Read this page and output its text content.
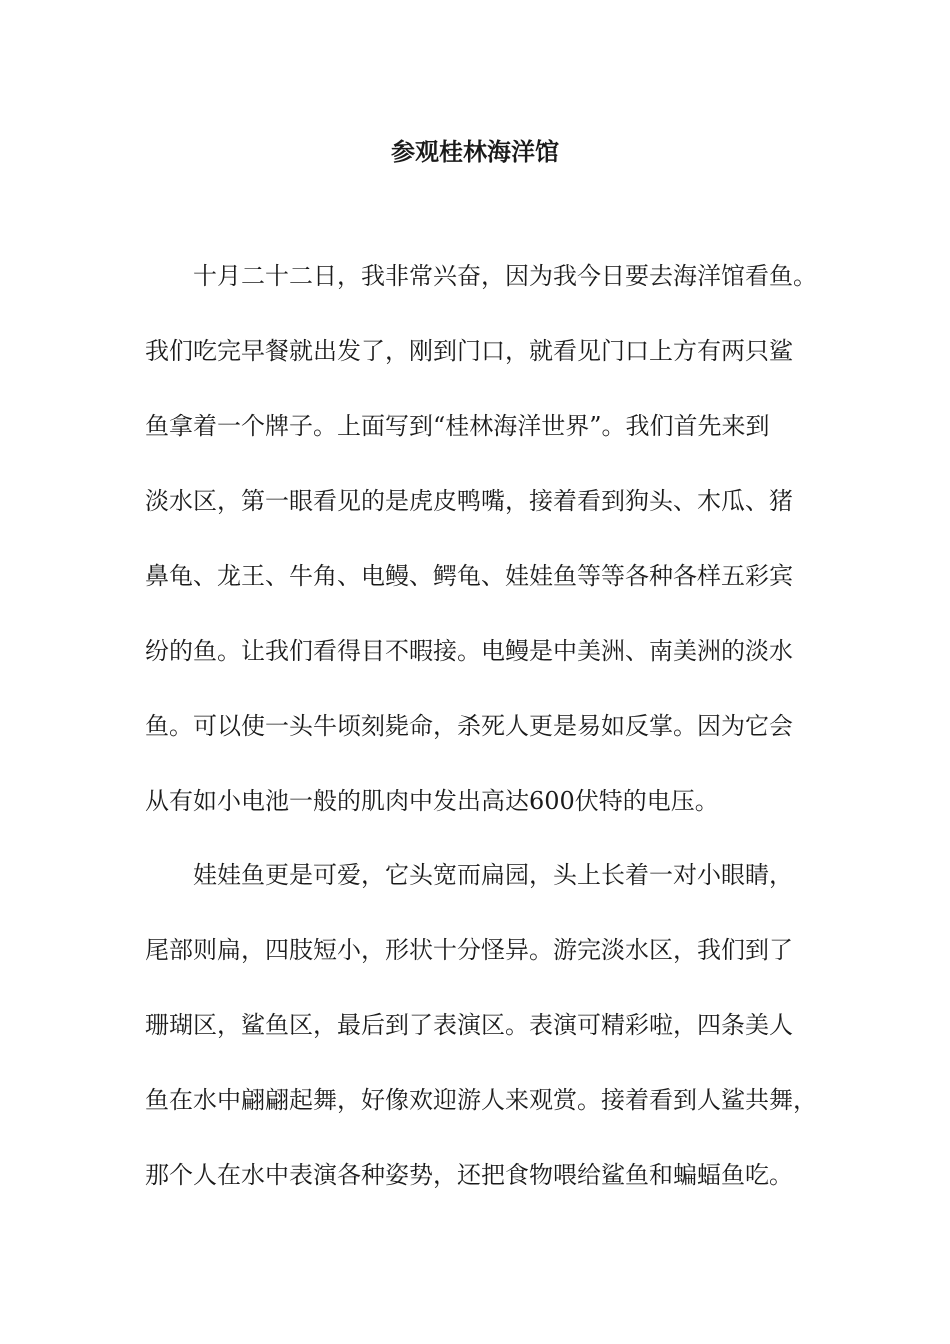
参观桂林海洋馆
十月二十二日，我非常兴奋，因为我今日要去海洋馆看鱼。
我们吃完早餐就出发了，刚到门口，就看见门口上方有两只鲨
鱼拿着一个牌子。上面写到“桂林海洋世界”。我们首先来到
淡水区，第一眼看见的是虎皮鸭嘴，接着看到狗头、木瓜、猪
鼻龟、龙王、牛角、电鳗、鳄龟、娃娃鱼等等各种各样五彩宾
纷的鱼。让我们看得目不暇接。电鳗是中美洲、南美洲的淡水
鱼。可以使一头牛顷刻毙命，杀死人更是易如反掌。因为它会
从有如小电池一般的肌肉中发出高达600伏特的电压。
娃娃鱼更是可爱，它头宽而扁园，头上长着一对小眼睛，
尾部则扁，四肢短小，形状十分怪异。游完淡水区，我们到了
珊瑚区，鲨鱼区，最后到了表演区。表演可精彩啦，四条美人
鱼在水中翩翩起舞，好像欢迎游人来观赏。接着看到人鲨共舞，
那个人在水中表演各种姿势，还把食物喂给鲨鱼和蝙蝠鱼吃。
